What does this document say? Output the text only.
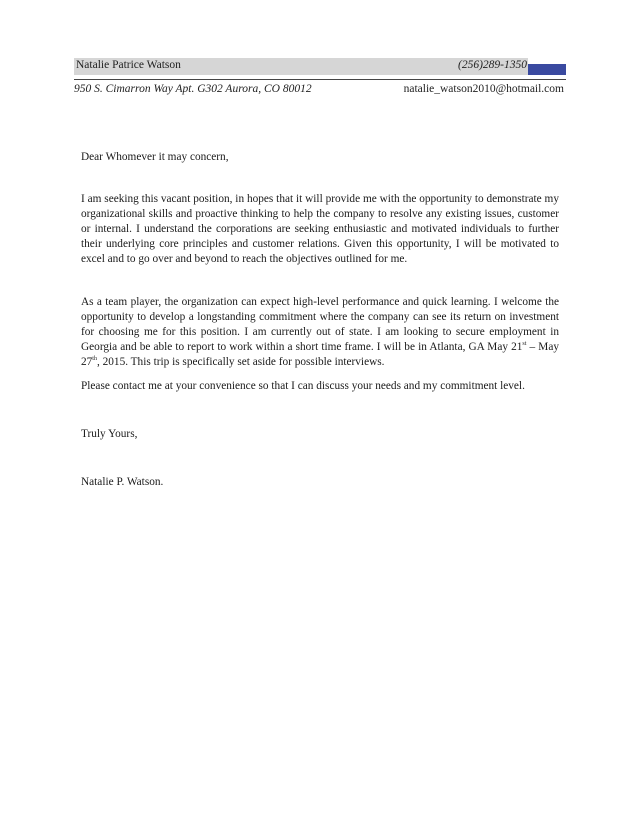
Natalie Patrice Watson	(256)289-1350
950 S. Cimarron Way Apt. G302 Aurora, CO 80012	natalie_watson2010@hotmail.com

Dear Whomever it may concern,

I am seeking this vacant position, in hopes that it will provide me with the opportunity to demonstrate my organizational skills and proactive thinking to help the company to resolve any existing issues, customer or internal. I understand the corporations are seeking enthusiastic and motivated individuals to further their underlying core principles and customer relations. Given this opportunity, I will be motivated to excel and to go over and beyond to reach the objectives outlined for me.

As a team player, the organization can expect high-level performance and quick learning. I welcome the opportunity to develop a longstanding commitment where the company can see its return on investment for choosing me for this position. I am currently out of state. I am looking to secure employment in Georgia and be able to report to work within a short time frame. I will be in Atlanta, GA May 21st – May 27th, 2015. This trip is specifically set aside for possible interviews.

Please contact me at your convenience so that I can discuss your needs and my commitment level.

Truly Yours,

Natalie P. Watson.
